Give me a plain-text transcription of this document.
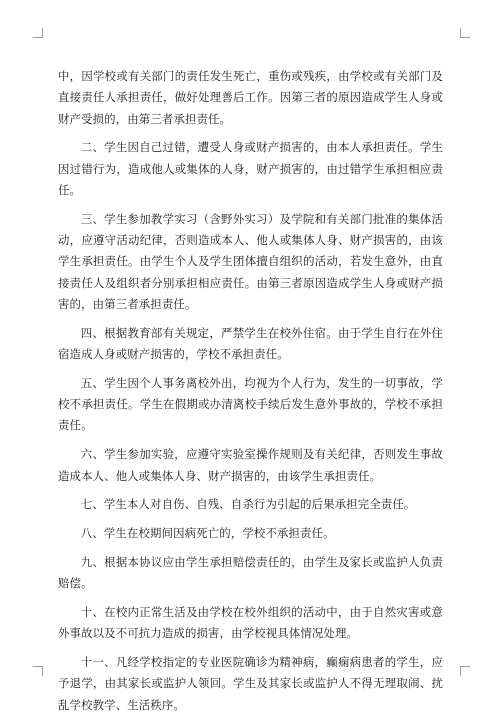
中，因学校或有关部门的责任发生死亡，重伤或残疾，由学校或有关部门及直接责任人承担责任，做好处理善后工作。因第三者的原因造成学生人身或财产受损的，由第三者承担责任。

二、学生因自己过错，遭受人身或财产损害的，由本人承担责任。学生因过错行为，造成他人或集体的人身，财产损害的，由过错学生承担相应责任。

三、学生参加教学实习（含野外实习）及学院和有关部门批准的集体活动，应遵守活动纪律，否则造成本人、他人或集体人身、财产损害的，由该学生承担责任。由学生个人及学生团体擅自组织的活动，若发生意外，由直接责任人及组织者分别承担相应责任。由第三者原因造成学生人身或财产损害的，由第三者承担责任。

四、根据教育部有关规定，严禁学生在校外住宿。由于学生自行在外住宿造成人身或财产损害的，学校不承担责任。

五、学生因个人事务离校外出，均视为个人行为，发生的一切事故，学校不承担责任。学生在假期或办清离校手续后发生意外事故的，学校不承担责任。

六、学生参加实验，应遵守实验室操作规则及有关纪律，否则发生事故造成本人、他人或集体人身、财产损害的，由该学生承担责任。

七、学生本人对自伤、自残、自杀行为引起的后果承担完全责任。

八、学生在校期间因病死亡的，学校不承担责任。

九、根据本协议应由学生承担赔偿责任的，由学生及家长或监护人负责赔偿。

十、在校内正常生活及由学校在校外组织的活动中，由于自然灾害或意外事故以及不可抗力造成的损害，由学校视具体情况处理。

十一、凡经学校指定的专业医院确诊为精神病，癫痫病患者的学生，应予退学，由其家长或监护人领回。学生及其家长或监护人不得无理取闹、扰乱学校教学、生活秩序。
